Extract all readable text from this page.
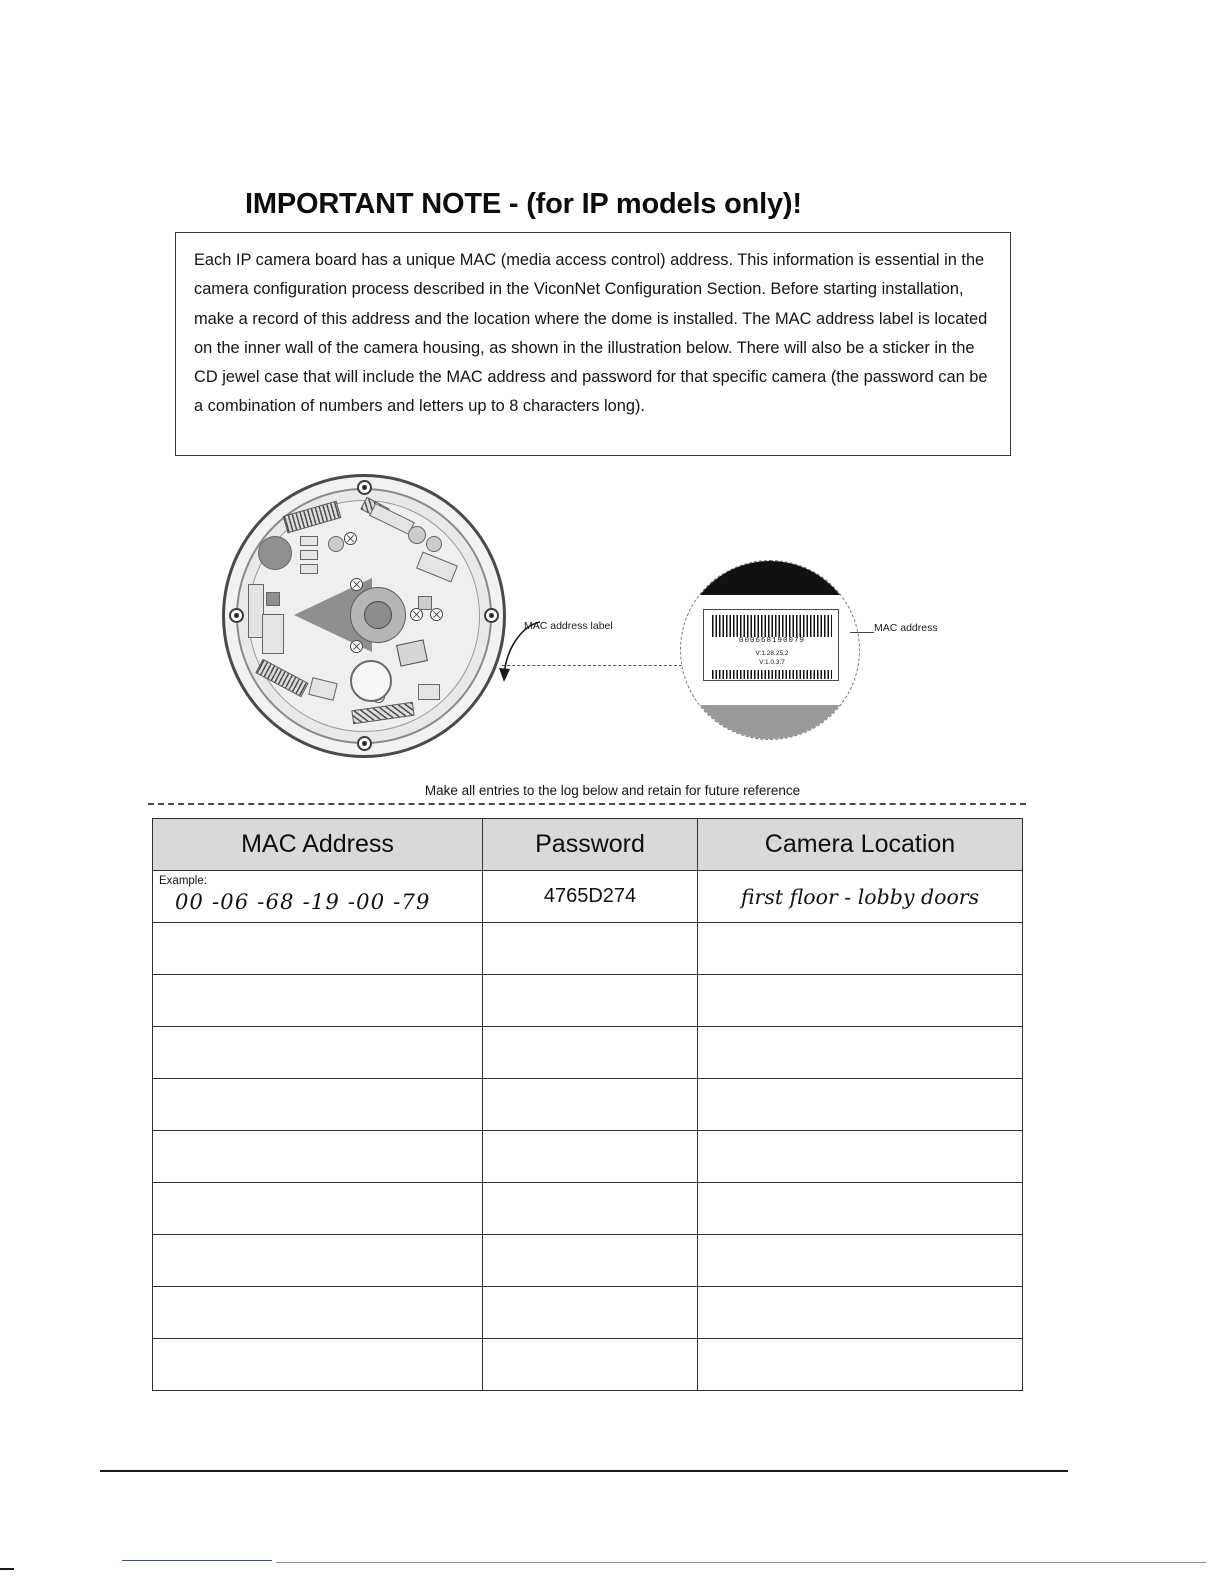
IMPORTANT NOTE - (for IP models only)!
Each IP camera board has a unique MAC (media access control) address. This information is essential in the camera configuration process described in the ViconNet Configuration Section. Before starting installation, make a record of this address and the location where the dome is installed. The MAC address label is located on the inner wall of the camera housing, as shown in the illustration below. There will also be a sticker in the CD jewel case that will include the MAC address and password for that specific camera (the password can be a combination of numbers and letters up to 8 characters long).
MAC address label
000668190079
V:1.28.25.2
V:1.0.3.7
MAC address
Make all entries to the log below and retain for future reference
MAC Address	Password	Camera Location

Example:
00 -06 -68 -19 -00 -79	4765D274	first floor - lobby doors
